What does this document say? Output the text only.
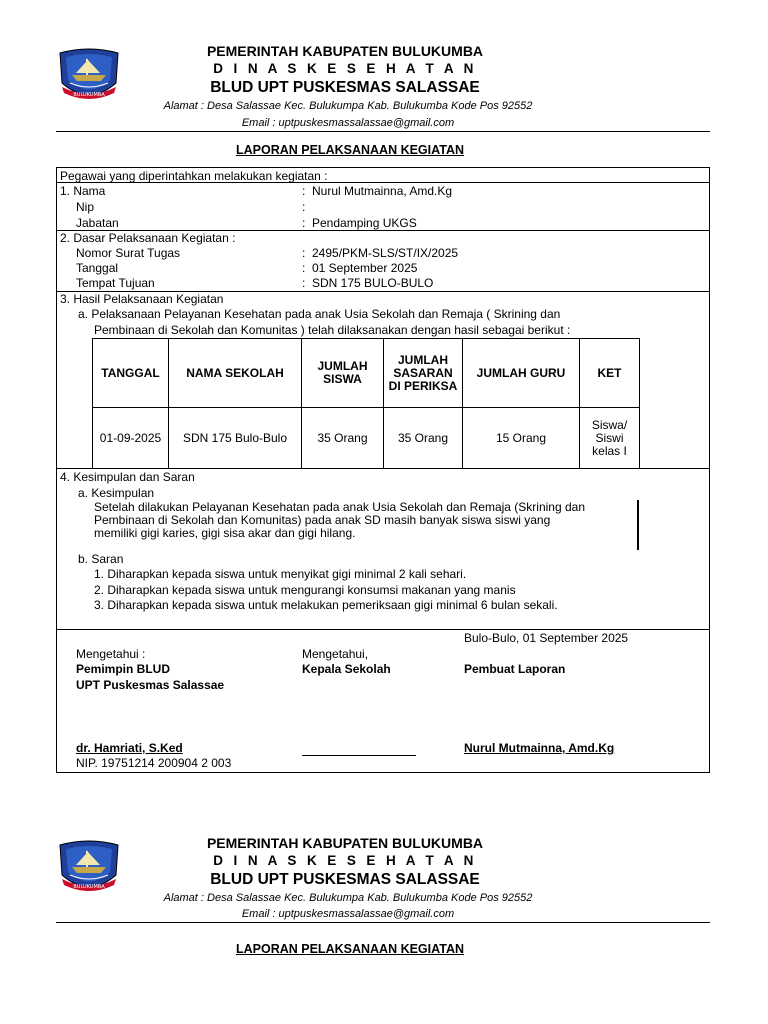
BULUKUMBA
PEMERINTAH KABUPATEN BULUKUMBA
D I N A S K E S E H A T A N
BLUD UPT PUSKESMAS SALASSAE
Alamat : Desa Salassae Kec. Bulukumpa Kab. Bulukumba Kode Pos 92552
Email : uptpuskesmassalassae@gmail.com
LAPORAN PELAKSANAAN KEGIATAN
Pegawai yang diperintahkan melakukan kegiatan :
1. Nama	: Nurul Mutmainna, Amd.Kg
Nip	:
Jabatan	: Pendamping UKGS
2. Dasar Pelaksanaan Kegiatan :
Nomor Surat Tugas	: 2495/PKM-SLS/ST/IX/2025
Tanggal	: 01 September 2025
Tempat Tujuan	: SDN 175 BULO-BULO
3. Hasil Pelaksanaan Kegiatan
a. Pelaksanaan Pelayanan Kesehatan pada anak Usia Sekolah dan Remaja ( Skrining dan
Pembinaan di Sekolah dan Komunitas ) telah dilaksanakan dengan hasil sebagai berikut :
TANGGAL	NAMA SEKOLAH	JUMLAH SISWA	JUMLAH SASARAN DI PERIKSA	JUMLAH GURU	KET
01-09-2025	SDN 175 Bulo-Bulo	35 Orang	35 Orang	15 Orang	Siswa/ Siswi kelas I
4. Kesimpulan dan Saran
a. Kesimpulan
Setelah dilakukan Pelayanan Kesehatan pada anak Usia Sekolah dan Remaja (Skrining dan
Pembinaan di Sekolah dan Komunitas) pada anak SD masih banyak siswa siswi yang
memiliki gigi karies, gigi sisa akar dan gigi hilang.
b. Saran
1. Diharapkan kepada siswa untuk menyikat gigi minimal 2 kali sehari.
2. Diharapkan kepada siswa untuk mengurangi konsumsi makanan yang manis
3. Diharapkan kepada siswa untuk melakukan pemeriksaan gigi minimal 6 bulan sekali.
Bulo-Bulo, 01 September 2025
Mengetahui :
Pemimpin BLUD
UPT Puskesmas Salassae
Mengetahui,
Kepala Sekolah	Pembuat Laporan
dr. Hamriati, S.Ked	Nurul Mutmainna, Amd.Kg
NIP. 19751214 200904 2 003
BULUKUMBA
PEMERINTAH KABUPATEN BULUKUMBA
D I N A S K E S E H A T A N
BLUD UPT PUSKESMAS SALASSAE
Alamat : Desa Salassae Kec. Bulukumpa Kab. Bulukumba Kode Pos 92552
Email : uptpuskesmassalassae@gmail.com
LAPORAN PELAKSANAAN KEGIATAN
